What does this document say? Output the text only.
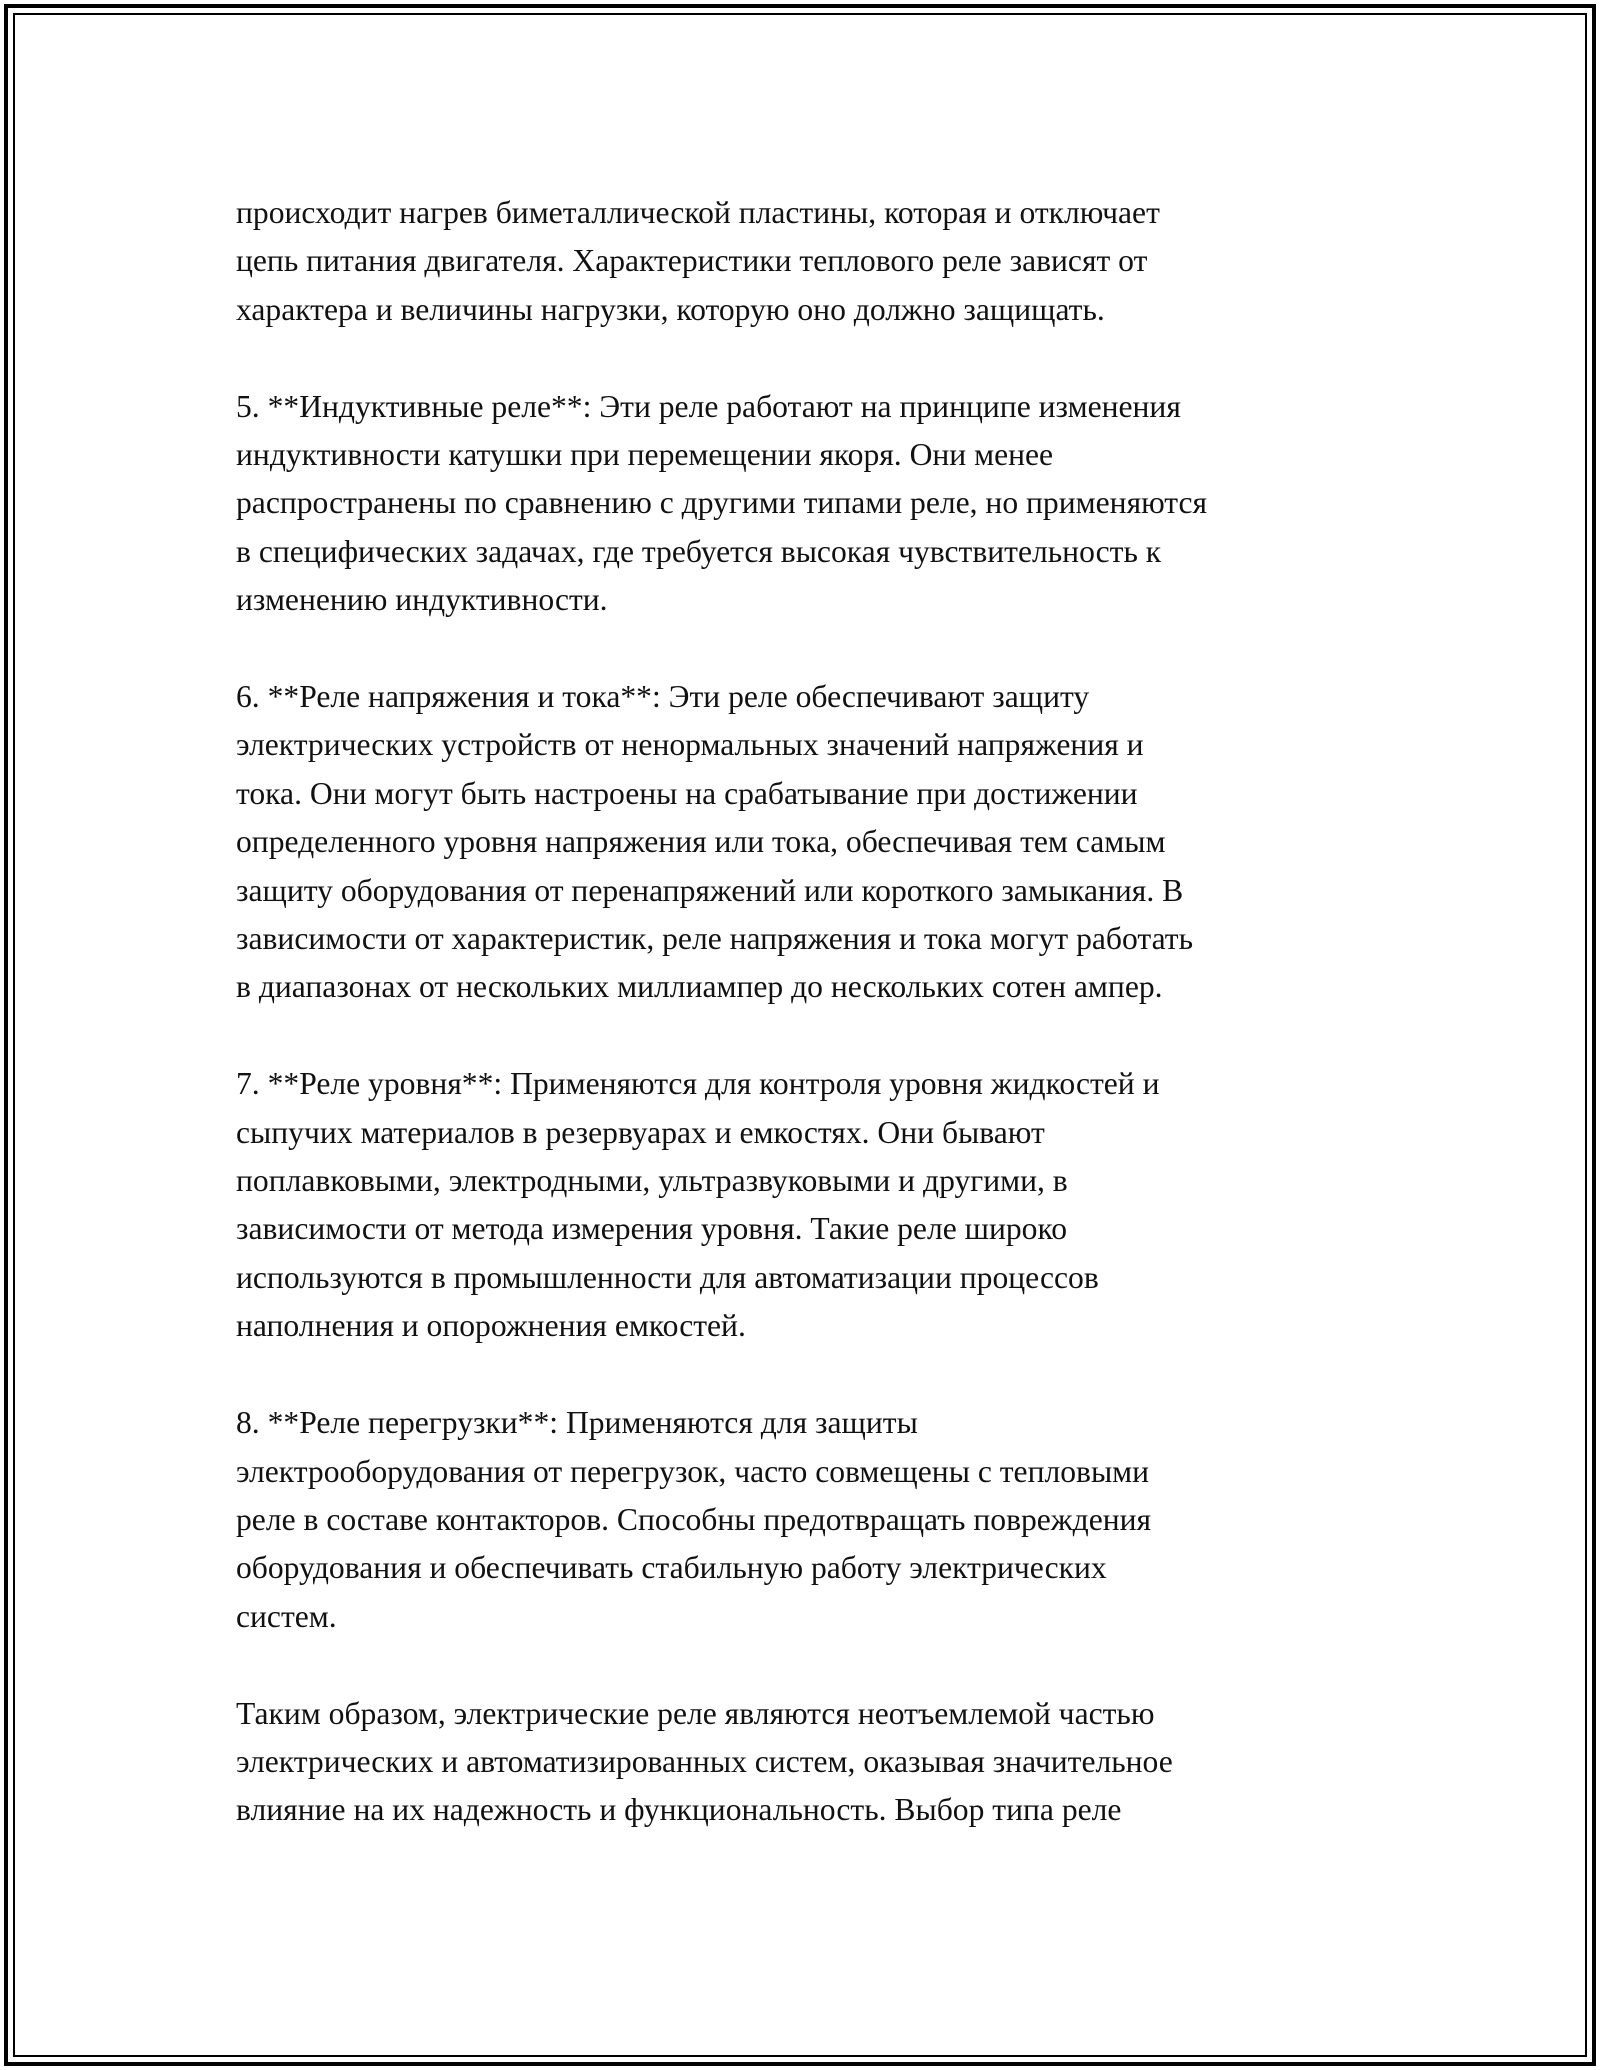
происходит нагрев биметаллической пластины, которая и отключает
цепь питания двигателя. Характеристики теплового реле зависят от
характера и величины нагрузки, которую оно должно защищать.

5. **Индуктивные реле**: Эти реле работают на принципе изменения
индуктивности катушки при перемещении якоря. Они менее
распространены по сравнению с другими типами реле, но применяются
в специфических задачах, где требуется высокая чувствительность к
изменению индуктивности.

6. **Реле напряжения и тока**: Эти реле обеспечивают защиту
электрических устройств от ненормальных значений напряжения и
тока. Они могут быть настроены на срабатывание при достижении
определенного уровня напряжения или тока, обеспечивая тем самым
защиту оборудования от перенапряжений или короткого замыкания. В
зависимости от характеристик, реле напряжения и тока могут работать
в диапазонах от нескольких миллиампер до нескольких сотен ампер.

7. **Реле уровня**: Применяются для контроля уровня жидкостей и
сыпучих материалов в резервуарах и емкостях. Они бывают
поплавковыми, электродными, ультразвуковыми и другими, в
зависимости от метода измерения уровня. Такие реле широко
используются в промышленности для автоматизации процессов
наполнения и опорожнения емкостей.

8. **Реле перегрузки**: Применяются для защиты
электрооборудования от перегрузок, часто совмещены с тепловыми
реле в составе контакторов. Способны предотвращать повреждения
оборудования и обеспечивать стабильную работу электрических
систем.

Таким образом, электрические реле являются неотъемлемой частью
электрических и автоматизированных систем, оказывая значительное
влияние на их надежность и функциональность. Выбор типа реле
